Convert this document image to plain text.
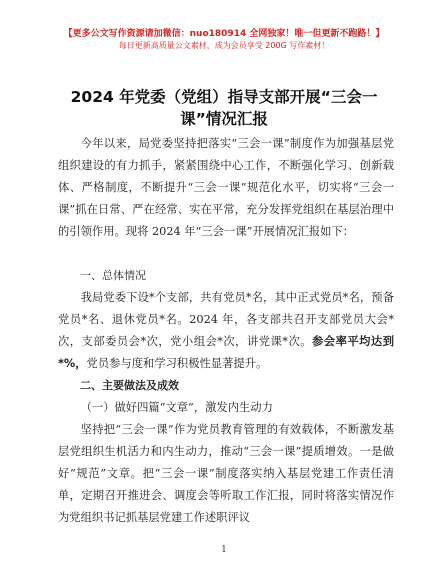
【更多公文写作资源请加微信：nuo180914 全网独家！唯一但更新不跑路！】
每日更新高质量公文素材，成为会员享受 200G 写作素材！
2024 年党委（党组）指导支部开展“三会一课”情况汇报

今年以来，局党委坚持把落实“三会一课”制度作为加强基层党组织建设的有力抓手，紧紧围绕中心工作，不断强化学习、创新载体、严格制度，不断提升“三会一课”规范化水平，切实将“三会一课”抓在日常、严在经常、实在平常，充分发挥党组织在基层治理中的引领作用。现将 2024 年“三会一课”开展情况汇报如下：

一、总体情况

我局党委下设*个支部，共有党员*名，其中正式党员*名，预备党员*名、退休党员*名。2024 年，各支部共召开支部党员大会*次，支部委员会*次，党小组会*次，讲党课*次。参会率平均达到*%，党员参与度和学习积极性显著提升。

二、主要做法及成效

（一）做好四篇“文章”，激发内生动力

坚持把“三会一课”作为党员教育管理的有效载体，不断激发基层党组织生机活力和内生动力，推动“三会一课”提质增效。一是做好“规范”文章。把“三会一课”制度落实纳入基层党建工作责任清单，定期召开推进会、调度会等听取工作汇报，同时将落实情况作为党组织书记抓基层党建工作述职评议

1
